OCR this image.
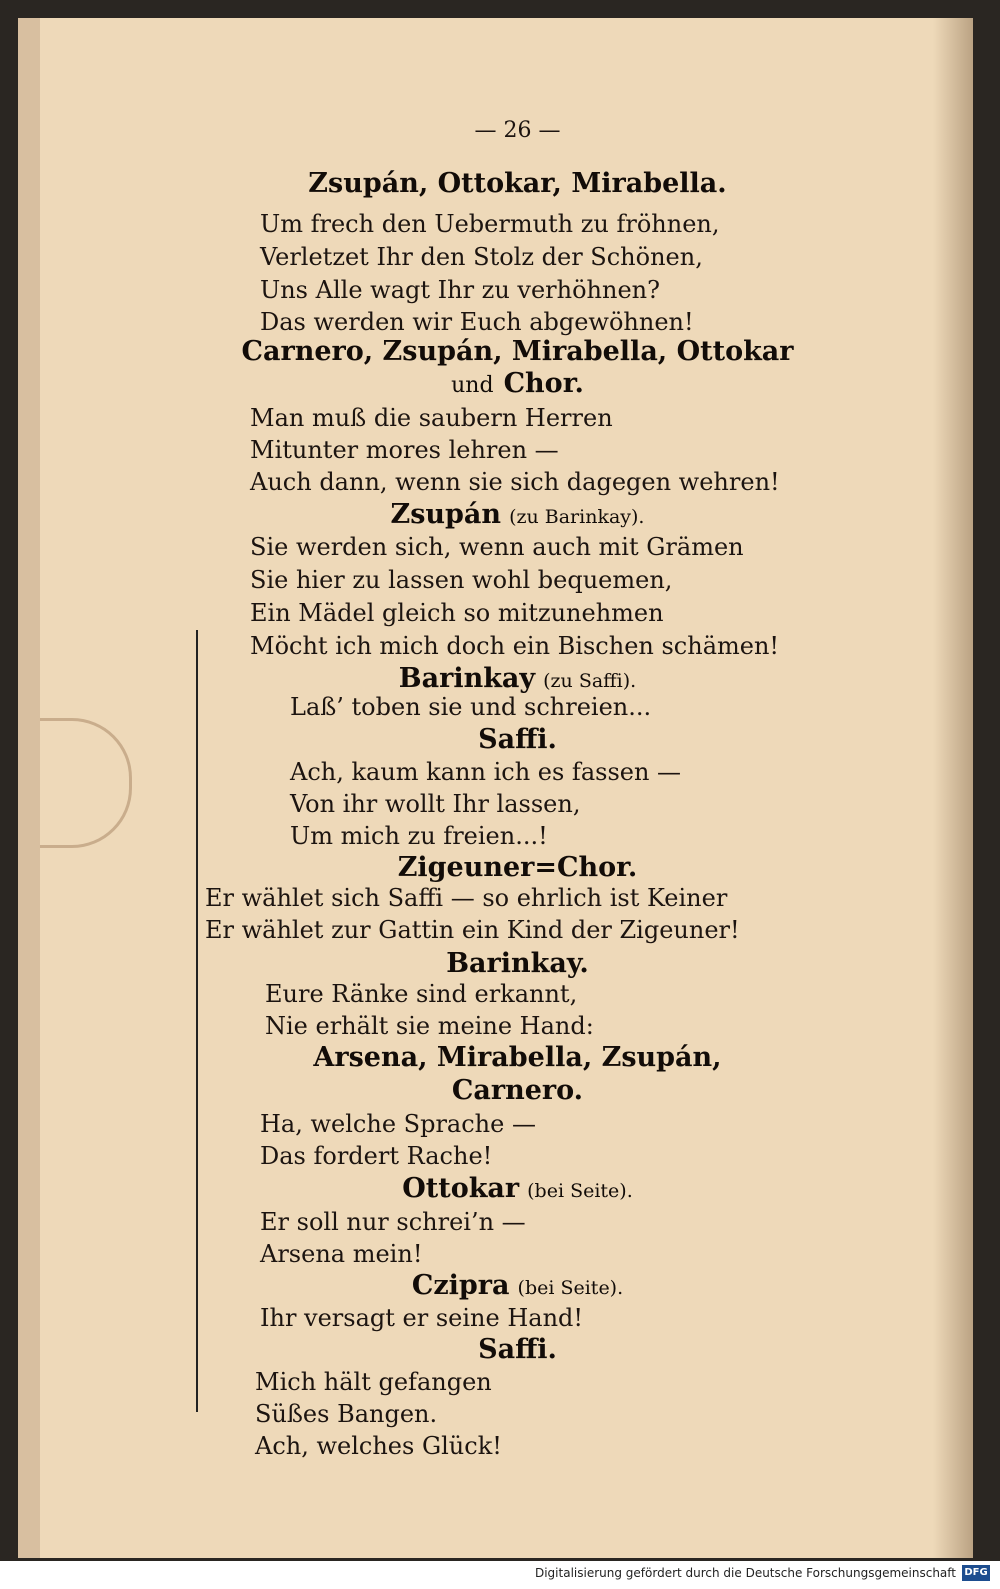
— 26 —
Zsupán, Ottokar, Mirabella.
Um frech den Uebermuth zu fröhnen,
Verletzet Ihr den Stolz der Schönen,
Uns Alle wagt Ihr zu verhöhnen?
Das werden wir Euch abgewöhnen!
Carnero, Zsupán, Mirabella, Ottokar
und Chor.
Man muß die saubern Herren
Mitunter mores lehren —
Auch dann, wenn sie sich dagegen wehren!
Zsupán (zu Barinkay).
Sie werden sich, wenn auch mit Grämen
Sie hier zu lassen wohl bequemen,
Ein Mädel gleich so mitzunehmen
Möcht ich mich doch ein Bischen schämen!
Barinkay (zu Saffi).
Laß’ toben sie und schreien...
Saffi.
Ach, kaum kann ich es fassen —
Von ihr wollt Ihr lassen,
Um mich zu freien...!
Zigeuner=Chor.
Er wählet sich Saffi — so ehrlich ist Keiner
Er wählet zur Gattin ein Kind der Zigeuner!
Barinkay.
Eure Ränke sind erkannt,
Nie erhält sie meine Hand:
Arsena, Mirabella, Zsupán,
Carnero.
Ha, welche Sprache —
Das fordert Rache!
Ottokar (bei Seite).
Er soll nur schrei’n —
Arsena mein!
Czipra (bei Seite).
Ihr versagt er seine Hand!
Saffi.
Mich hält gefangen
Süßes Bangen.
Ach, welches Glück!
Digitalisierung gefördert durch die Deutsche Forschungsgemeinschaft DFG
